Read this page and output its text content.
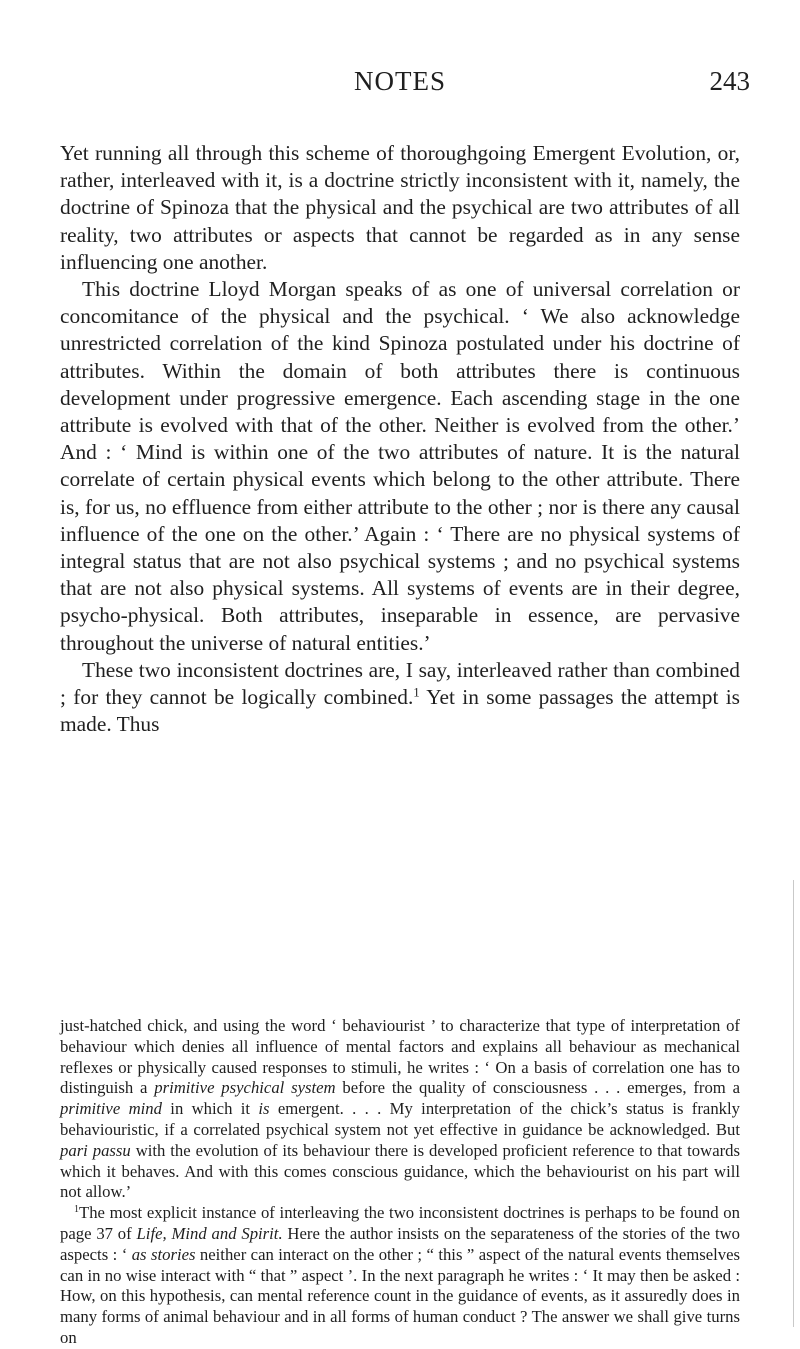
NOTES	243

Yet running all through this scheme of thoroughgoing Emergent Evolution, or, rather, interleaved with it, is a doctrine strictly inconsistent with it, namely, the doctrine of Spinoza that the physical and the psychical are two attributes of all reality, two attributes or aspects that cannot be regarded as in any sense influencing one another.

This doctrine Lloyd Morgan speaks of as one of universal correlation or concomitance of the physical and the psychical. ‘ We also acknowledge unrestricted correlation of the kind Spinoza postulated under his doctrine of attributes. Within the domain of both attributes there is continuous development under progressive emergence. Each ascending stage in the one attribute is evolved with that of the other. Neither is evolved from the other.’ And : ‘ Mind is within one of the two attributes of nature. It is the natural correlate of certain physical events which belong to the other attribute. There is, for us, no effluence from either attribute to the other ; nor is there any causal influence of the one on the other.’ Again : ‘ There are no physical systems of integral status that are not also psychical systems ; and no psychical systems that are not also physical systems. All systems of events are in their degree, psycho-physical. Both attributes, inseparable in essence, are pervasive throughout the universe of natural entities.’

These two inconsistent doctrines are, I say, interleaved rather than combined ; for they cannot be logically combined.$^1$ Yet in some passages the attempt is made. Thus

just-hatched chick, and using the word ‘ behaviourist ’ to characterize that type of interpretation of behaviour which denies all influence of mental factors and explains all behaviour as mechanical reflexes or physically caused responses to stimuli, he writes : ‘ On a basis of correlation one has to distinguish a primitive psychical system before the quality of consciousness . . . emerges, from a primitive mind in which it is emergent. . . . My interpretation of the chick’s status is frankly behaviouristic, if a correlated psychical system not yet effective in guidance be acknowledged. But pari passu with the evolution of its behaviour there is developed proficient reference to that towards which it behaves. And with this comes conscious guidance, which the behaviourist on his part will not allow.’

$^1$The most explicit instance of interleaving the two inconsistent doctrines is perhaps to be found on page 37 of Life, Mind and Spirit. Here the author insists on the separateness of the stories of the two aspects : ‘ as stories neither can interact on the other ; “ this ” aspect of the natural events themselves can in no wise interact with “ that ” aspect ’. In the next paragraph he writes : ‘ It may then be asked : How, on this hypothesis, can mental reference count in the guidance of events, as it assuredly does in many forms of animal behaviour and in all forms of human conduct ? The answer we shall give turns on
